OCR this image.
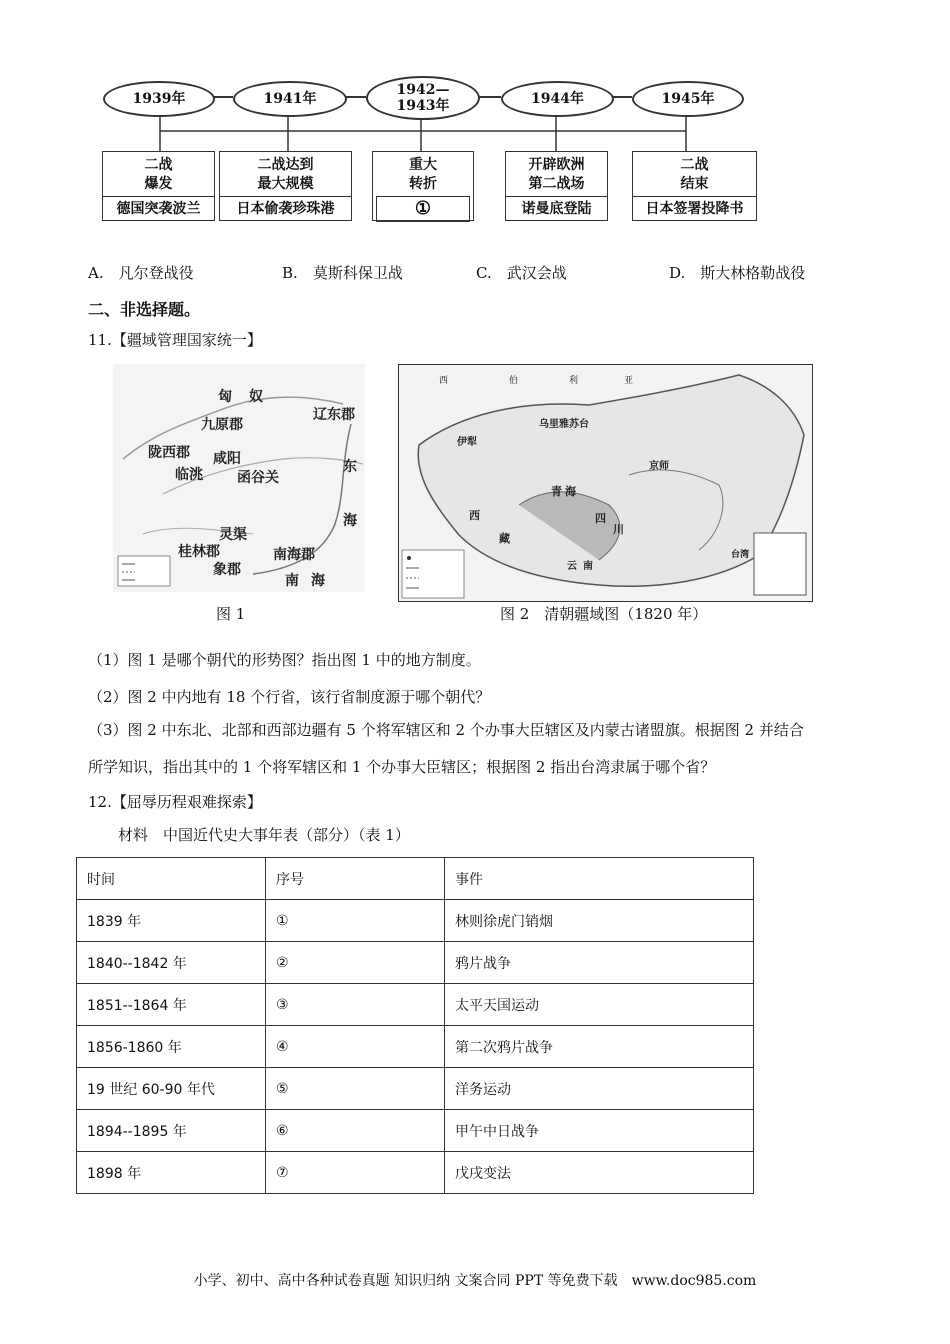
1939年	1941年
1942—
1943年	1944年	1945年
二战
爆发
德国突袭波兰
二战达到
最大规模
日本偷袭珍珠港
重大
转折
①
开辟欧洲
第二战场
诺曼底登陆
二战
结束
日本签署投降书
A.　 凡尔登战役	B.　 莫斯科保卫战	C.　 武汉会战	D.　 斯大林格勒战役
二、非选择题。
11.【疆域管理国家统一】
匈 奴
辽东郡
九原郡
陇西郡 咸阳
临洮 函谷关
东
海
灵渠
桂林郡	南海郡
象郡
南 海
图 1
西	伯	利	亚
乌里雅苏台
伊犁
京师
青 海
西
藏
四
川
云 南
台湾
图 2　清朝疆域图（1820 年）
（1）图 1 是哪个朝代的形势图？指出图 1 中的地方制度。
（2）图 2 中内地有 18 个行省，该行省制度源于哪个朝代？
（3）图 2 中东北、北部和西部边疆有 5 个将军辖区和 2 个办事大臣辖区及内蒙古诸盟旗。根据图 2 并结合
所学知识，指出其中的 1 个将军辖区和 1 个办事大臣辖区；根据图 2 指出台湾隶属于哪个省？
12.【屈辱历程艰难探索】
材料　中国近代史大事年表（部分）（表 1）
时间	序号	事件
1839 年	①	林则徐虎门销烟
1840--1842 年	②	鸦片战争
1851--1864 年	③	太平天国运动
1856-1860 年	④	第二次鸦片战争
19 世纪 60-90 年代	⑤	洋务运动
1894--1895 年	⑥	甲午中日战争
1898 年	⑦	戊戌变法
小学、初中、高中各种试卷真题 知识归纳 文案合同 PPT 等免费下载　www.doc985.com
